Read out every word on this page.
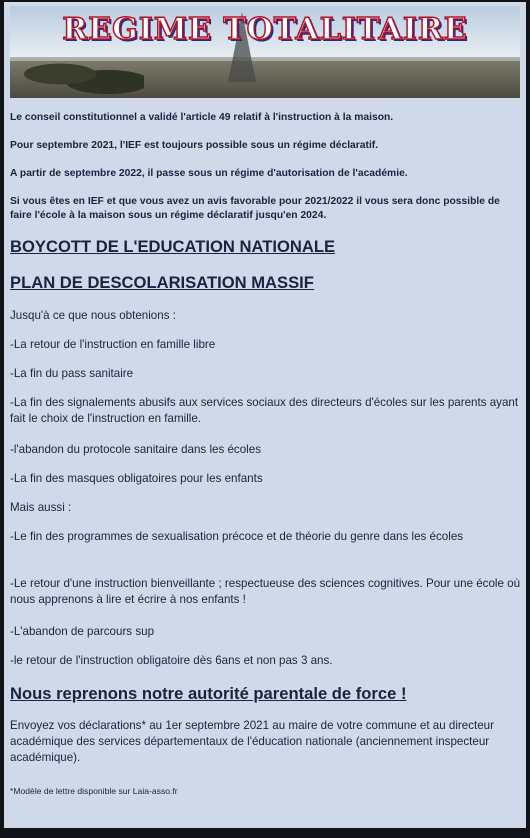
REGIME TOTALITAIRE
Le conseil constitutionnel a validé l'article 49 relatif à l'instruction à la maison.
Pour septembre 2021, l'IEF est toujours possible sous un régime déclaratif.
A partir de septembre 2022, il passe sous un régime d'autorisation de l'académie.
Si vous êtes en IEF et que vous avez un avis favorable pour 2021/2022 il vous sera donc possible de faire l'école à la maison sous un régime déclaratif jusqu'en 2024.
BOYCOTT DE L'EDUCATION NATIONALE
PLAN DE DESCOLARISATION MASSIF
Jusqu'à ce que nous obtenions :
-La retour de l'instruction en famille libre
-La fin du pass sanitaire
-La fin des signalements abusifs aux services sociaux des directeurs d'écoles sur les parents ayant fait le choix de l'instruction en famille.
-l'abandon du protocole sanitaire dans les écoles
-La fin des masques obligatoires pour les enfants
Mais aussi :
-Le fin des programmes de sexualisation précoce et de théorie du genre dans les écoles
-Le retour d'une instruction bienveillante ; respectueuse des sciences cognitives. Pour une école où nous apprenons à lire et écrire à nos enfants !
-L'abandon de parcours sup
-le retour de l'instruction obligatoire dès 6ans et non pas 3 ans.
Nous reprenons notre autorité parentale de force !
Envoyez vos déclarations* au 1er septembre 2021 au maire de votre commune et au directeur académique des services départementaux de l'éducation nationale (anciennement inspecteur académique).
*Modèle de lettre disponible sur Laia-asso.fr
